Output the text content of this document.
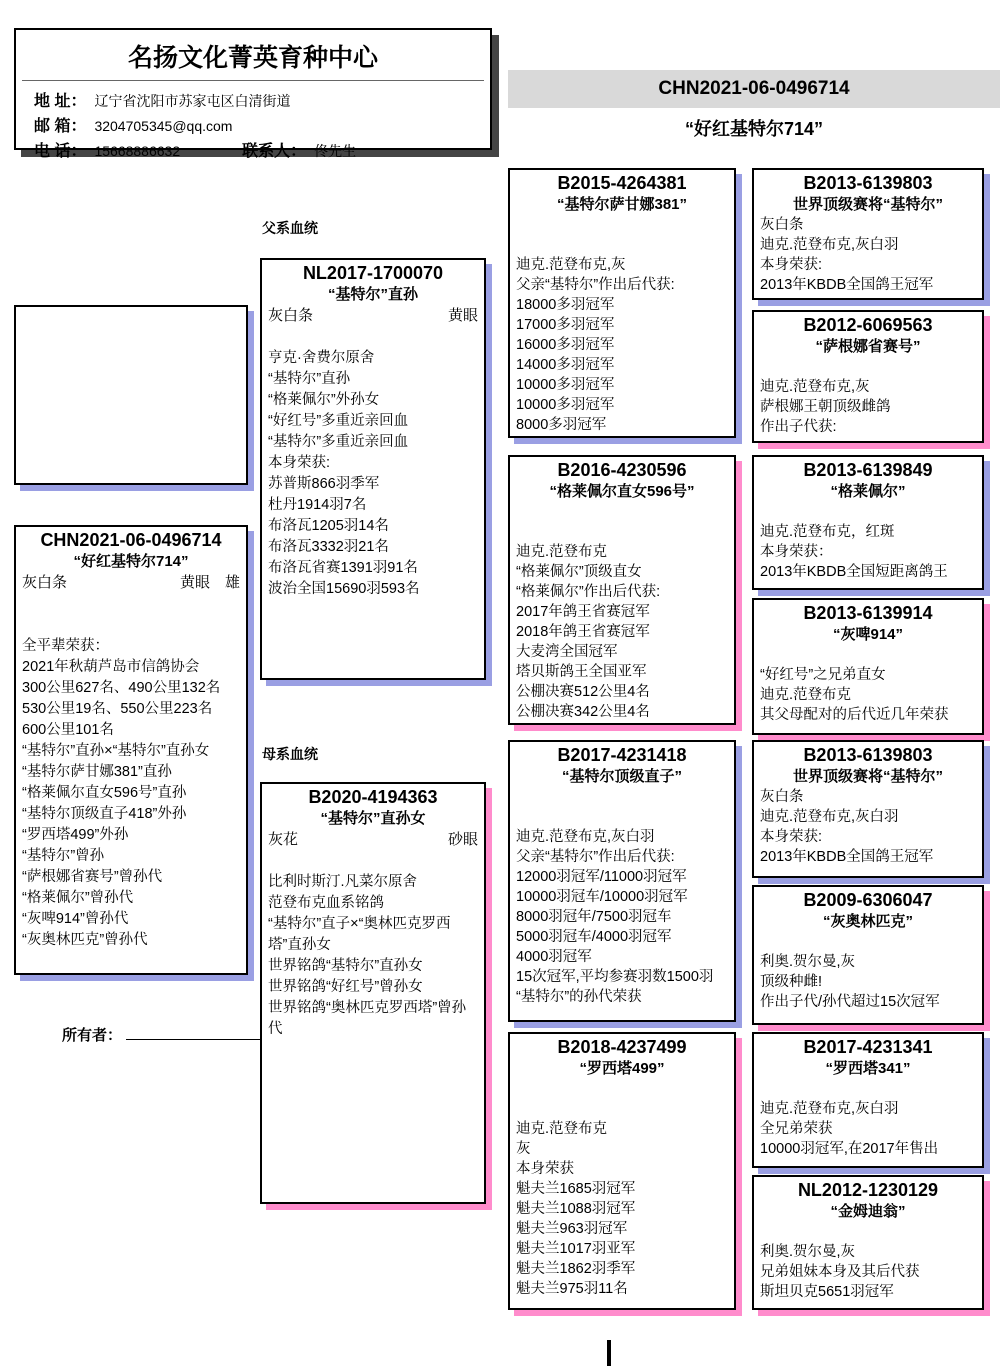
名扬文化菁英育种中心
地 址： 辽宁省沈阳市苏家屯区白清街道
邮 箱： 3204705345@qq.com
电 话： 15668886632	联系人： 佟先生
CHN2021-06-0496714
“好红基特尔714”
父系血统
母系血统
CHN2021-06-0496714
“好红基特尔714”
灰白条	黄眼　雄
全平辈荣获：
2021年秋葫芦岛市信鸽协会
300公里627名、490公里132名
530公里19名、550公里223名
600公里101名
“基特尔”直孙×“基特尔”直孙女
“基特尔萨甘娜381”直孙
“格莱佩尔直女596号”直孙
“基特尔顶级直子418”外孙
“罗西塔499”外孙
“基特尔”曾孙
“萨根娜省赛号”曾孙代
“格莱佩尔”曾孙代
“灰啤914”曾孙代
“灰奥林匹克”曾孙代
所有者：
NL2017-1700070
“基特尔”直孙
灰白条	黄眼
亨克·舍费尔原舍
“基特尔”直孙
“格莱佩尔”外孙女
“好红号”多重近亲回血
“基特尔”多重近亲回血
本身荣获:
苏普斯866羽季军
杜丹1914羽7名
布洛瓦1205羽14名
布洛瓦3332羽21名
布洛瓦省赛1391羽91名
波治全国15690羽593名
B2020-4194363
“基特尔”直孙女
灰花	砂眼
比利时斯汀.凡菜尔原舍
范登布克血系铭鸽
“基特尔”直子×“奥林匹克罗西塔”直孙女
世界铭鸽“基特尔”直孙女
世界铭鸽“好红号”曾孙女
世界铭鸽“奥林匹克罗西塔”曾孙代
B2015-4264381
“基特尔萨甘娜381”
迪克.范登布克,灰
父亲“基特尔”作出后代获:
18000多羽冠军
17000多羽冠军
16000多羽冠军
14000多羽冠军
10000多羽冠军
10000多羽冠军
8000多羽冠军
B2016-4230596
“格莱佩尔直女596号”
迪克.范登布克
“格莱佩尔”顶级直女
“格莱佩尔”作出后代获:
2017年鸽王省赛冠军
2018年鸽王省赛冠军
大麦湾全国冠军
塔贝斯鸽王全国亚军
公棚决赛512公里4名
公棚决赛342公里4名
B2017-4231418
“基特尔顶级直子”
迪克.范登布克,灰白羽
父亲“基特尔”作出后代获:
12000羽冠军/11000羽冠军
10000羽冠车/10000羽冠军
8000羽冠年/7500羽冠车
5000羽冠车/4000羽冠军
4000羽冠军
15次冠军,平均参赛羽数1500羽
“基特尔”的孙代荣获
B2018-4237499
“罗西塔499”
迪克.范登布克
灰
本身荣获
魁夫兰1685羽冠军
魁夫兰1088羽冠军
魁夫兰963羽冠军
魁夫兰1017羽亚军
魁夫兰1862羽季军
魁夫兰975羽11名
B2013-6139803
世界顶级赛将“基特尔”
灰白条
迪克.范登布克,灰白羽
本身荣获:
2013年KBDB全国鸽王冠军
B2012-6069563
“萨根娜省赛号”
迪克.范登布克,灰
萨根娜王朝顶级雌鸽
作出子代获:
B2013-6139849
“格莱佩尔”
迪克.范登布克，红斑
本身荣获：
2013年KBDB全国短距离鸽王
B2013-6139914
“灰啤914”
“好红号”之兄弟直女
迪克.范登布克
其父母配对的后代近几年荣获
B2013-6139803
世界顶级赛将“基特尔”
灰白条
迪克.范登布克,灰白羽
本身荣获:
2013年KBDB全国鸽王冠军
B2009-6306047
“灰奥林匹克”
利奥.贺尔曼,灰
顶级种雌!
作出子代/孙代超过15次冠军
B2017-4231341
“罗西塔341”
迪克.范登布克,灰白羽
全兄弟荣获
10000羽冠军,在2017年售出
NL2012-1230129
“金姆迪翁”
利奥.贺尔曼,灰
兄弟姐妹本身及其后代获
斯坦贝克5651羽冠军
